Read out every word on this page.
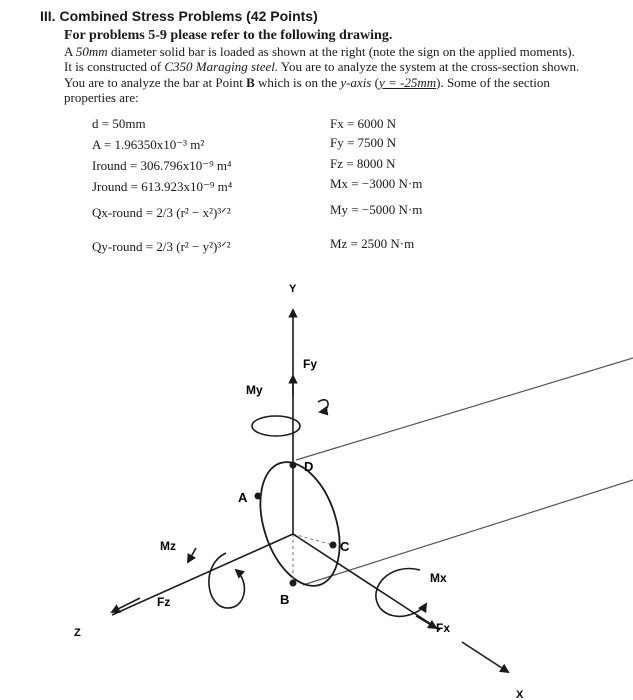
III. Combined Stress Problems (42 Points)
For problems 5-9 please refer to the following drawing.
A 50mm diameter solid bar is loaded as shown at the right (note the sign on the applied moments). It is constructed of C350 Maraging steel. You are to analyze the system at the cross-section shown. You are to analyze the bar at Point B which is on the y-axis (y = -25mm). Some of the section properties are:
d = 50mm
A = 1.96350x10⁻³ m²
Iround = 306.796x10⁻⁹ m⁴
Jround = 613.923x10⁻⁹ m⁴
Qx-round = 2/3 (r² − x²)³ᐟ²
Qy-round = 2/3 (r² − y²)³ᐟ²
Fx = 6000 N
Fy = 7500 N
Fz = 8000 N
Mx = −3000 N·m
My = −5000 N·m
Mz = 2500 N·m
Y
Z
X
Fy
My
Mz
Fz
Mx
Fx
A
B
C
D
